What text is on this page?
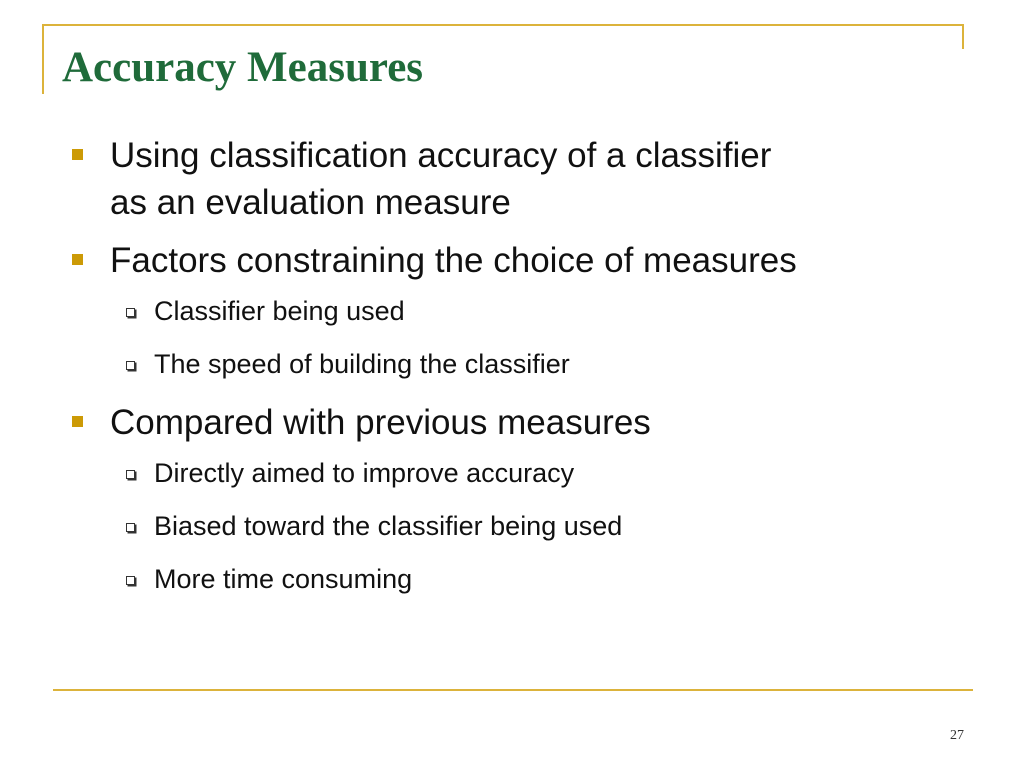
Accuracy Measures
Using classification accuracy of a classifier
as an evaluation measure
Factors constraining the choice of measures
Classifier being used
The speed of building the classifier
Compared with previous measures
Directly aimed to improve accuracy
Biased toward the classifier being used
More time consuming
27
